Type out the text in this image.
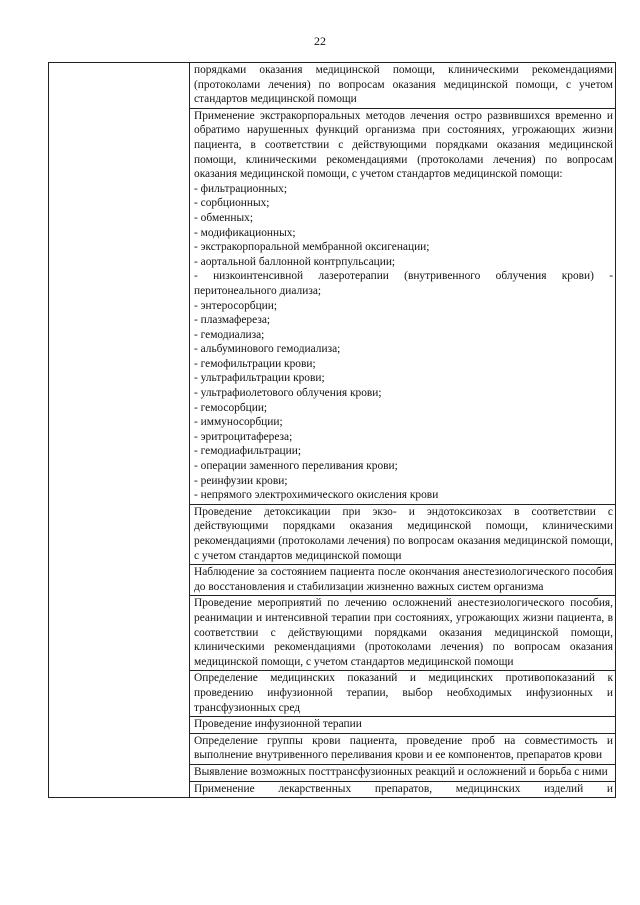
22

порядками оказания медицинской помощи, клиническими рекомендациями (протоколами лечения) по вопросам оказания медицинской помощи, с учетом стандартов медицинской помощи

Применение экстракорпоральных методов лечения остро развившихся временно и обратимо нарушенных функций организма при состояниях, угрожающих жизни пациента, в соответствии с действующими порядками оказания медицинской помощи, клиническими рекомендациями (протоколами лечения) по вопросам оказания медицинской помощи, с учетом стандартов медицинской помощи:
- фильтрационных;
- сорбционных;
- обменных;
- модификационных;
- экстракорпоральной мембранной оксигенации;
- аортальной баллонной контрпульсации;
- низкоинтенсивной лазеротерапии (внутривенного облучения крови) - перитонеального диализа;
- энтеросорбции;
- плазмафереза;
- гемодиализа;
- альбуминового гемодиализа;
- гемофильтрации крови;
- ультрафильтрации крови;
- ультрафиолетового облучения крови;
- гемосорбции;
- иммуносорбции;
- эритроцитафереза;
- гемодиафильтрации;
- операции заменного переливания крови;
- реинфузии крови;
- непрямого электрохимического окисления крови

Проведение детоксикации при экзо- и эндотоксикозах в соответствии с действующими порядками оказания медицинской помощи, клиническими рекомендациями (протоколами лечения) по вопросам оказания медицинской помощи, с учетом стандартов медицинской помощи

Наблюдение за состоянием пациента после окончания анестезиологического пособия до восстановления и стабилизации жизненно важных систем организма

Проведение мероприятий по лечению осложнений анестезиологического пособия, реанимации и интенсивной терапии при состояниях, угрожающих жизни пациента, в соответствии с действующими порядками оказания медицинской помощи, клиническими рекомендациями (протоколами лечения) по вопросам оказания медицинской помощи, с учетом стандартов медицинской помощи

Определение медицинских показаний и медицинских противопоказаний к проведению инфузионной терапии, выбор необходимых инфузионных и трансфузионных сред

Проведение инфузионной терапии

Определение группы крови пациента, проведение проб на совместимость и выполнение внутривенного переливания крови и ее компонентов, препаратов крови

Выявление возможных посттрансфузионных реакций и осложнений и борьба с ними

Применение лекарственных препаратов, медицинских изделий и
